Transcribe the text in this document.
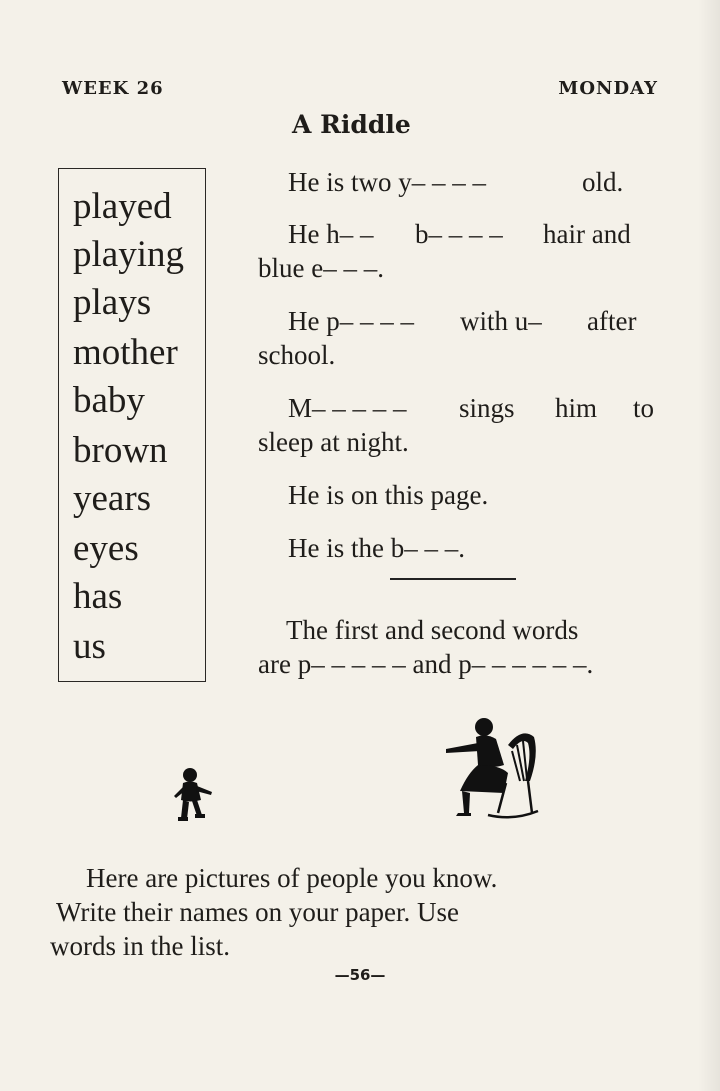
WEEK 26	MONDAY
A Riddle
played
playing
plays
mother
baby
brown
years
eyes
has
us
He is two y– – – –	old.
He h– – b– – – – hair and
blue e– – –.
He p– – – – with u– after
school.
M– – – – – sings him to
sleep at night.
He is on this page.
He is the b– – –.
The first and second words
are p– – – – – and p– – – – – –.
Here are pictures of people you know.
Write their names on your paper. Use
words in the list.
—56—
